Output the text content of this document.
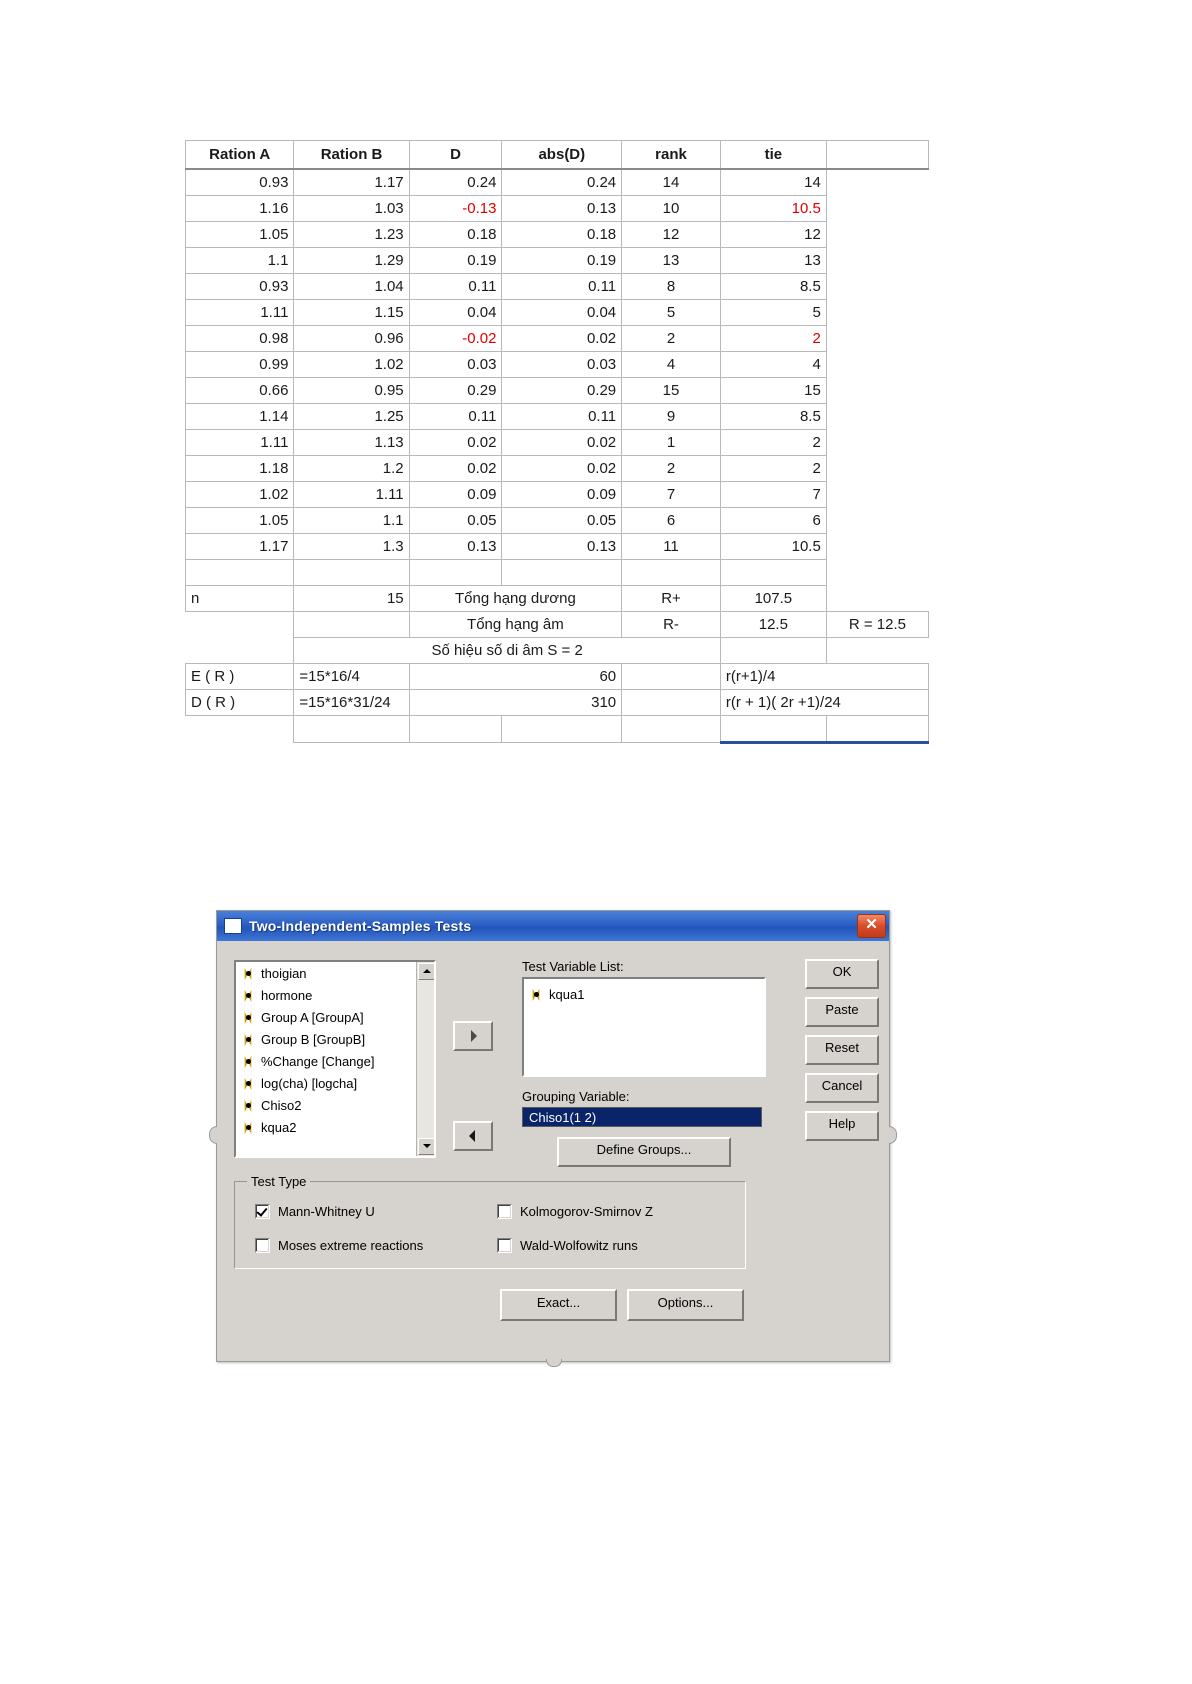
Ration A	Ration B	D	abs(D)	rank	tie	
0.93	1.17	0.24	0.24	14	14	
1.16	1.03	-0.13	0.13	10	10.5	
1.05	1.23	0.18	0.18	12	12	
1.1	1.29	0.19	0.19	13	13	
0.93	1.04	0.11	0.11	8	8.5	
1.11	1.15	0.04	0.04	5	5	
0.98	0.96	-0.02	0.02	2	2	
0.99	1.02	0.03	0.03	4	4	
0.66	0.95	0.29	0.29	15	15	
1.14	1.25	0.11	0.11	9	8.5	
1.11	1.13	0.02	0.02	1	2	
1.18	1.2	0.02	0.02	2	2	
1.02	1.11	0.09	0.09	7	7	
1.05	1.1	0.05	0.05	6	6	
1.17	1.3	0.13	0.13	11	10.5	

n	15	Tổng hạng dương		R+	107.5	
		Tổng hạng âm		R-	12.5	R = 12.5
	Số hiệu số di âm S = 2					
E ( R )	=15*16/4	60			r(r+1)/4	
D ( R )	=15*16*31/24	310			r(r + 1)( 2r +1)/24	

Two-Independent-Samples Tests	✕
thoigian
hormone
Group A [GroupA]
Group B [GroupB]
%Change [Change]
log(cha) [logcha]
Chiso2
kqua2
Test Variable List:
kqua1
Grouping Variable:
Chiso1(1 2)
Define Groups...
OK
Paste
Reset
Cancel
Help
Test Type
Mann-Whitney U	Kolmogorov-Smirnov Z
Moses extreme reactions	Wald-Wolfowitz runs
Exact...	Options...
